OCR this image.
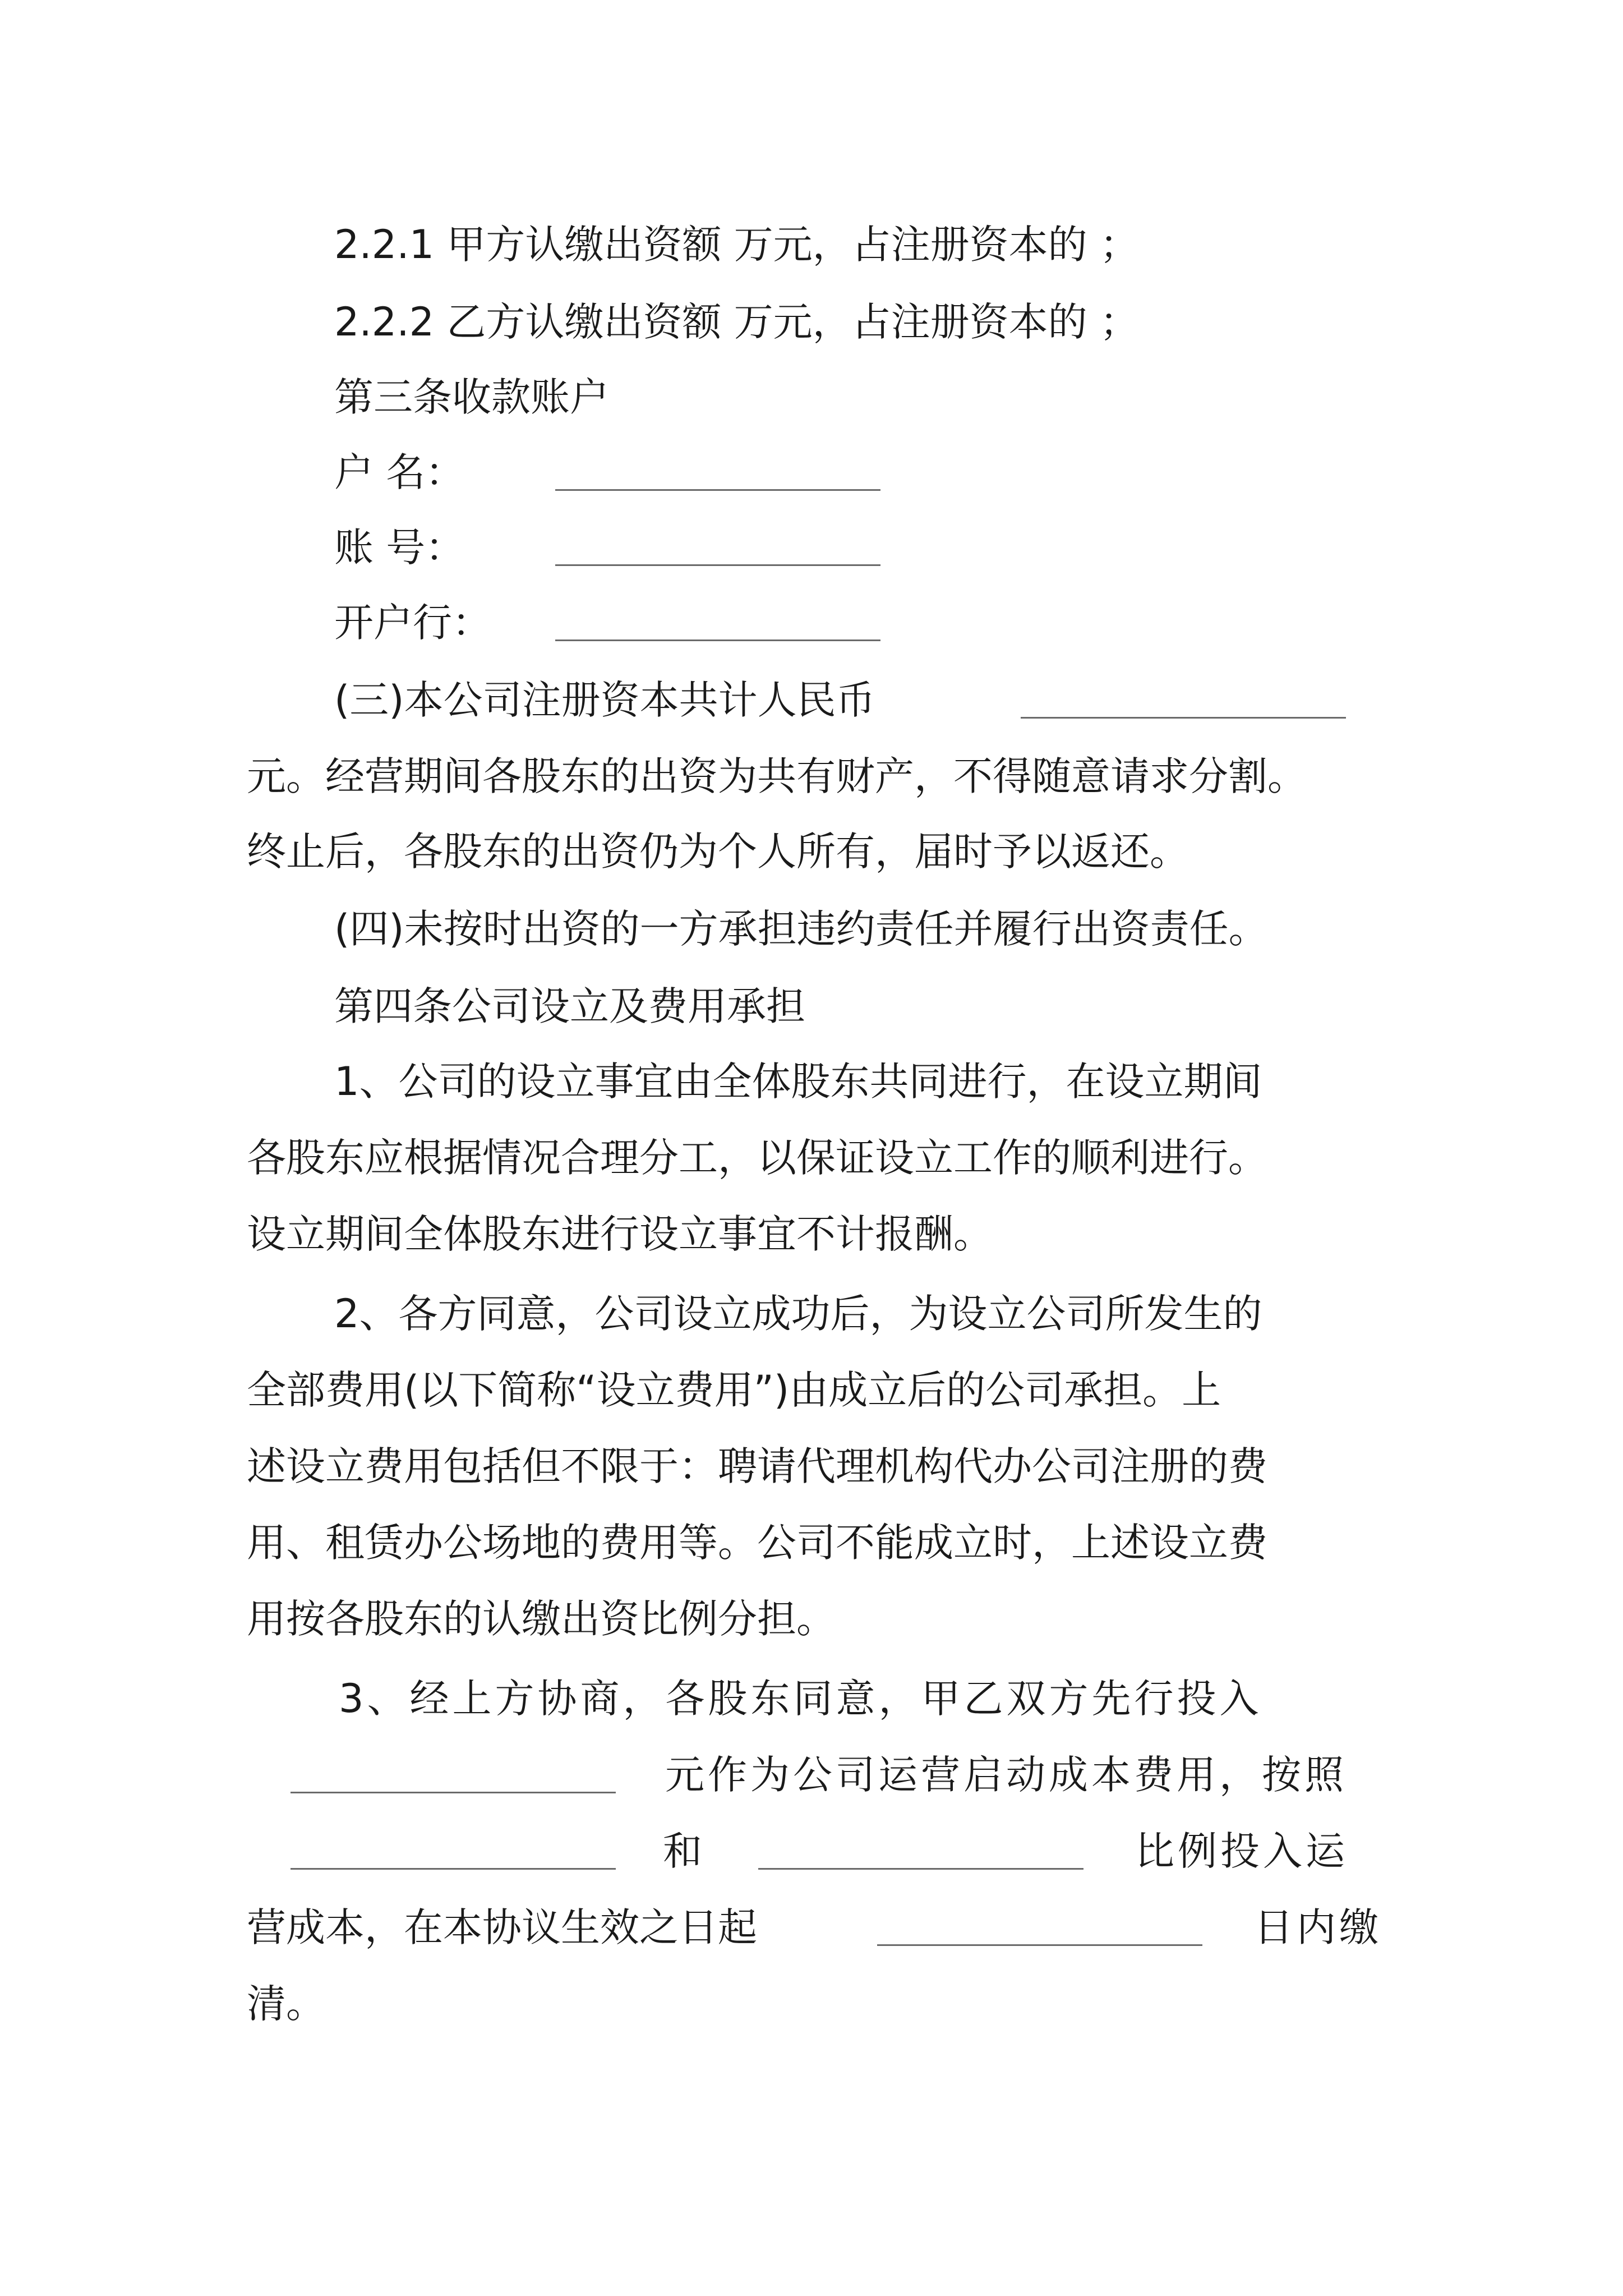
2.2.1 甲方认缴出资额 万元，占注册资本的 ；
2.2.2 乙方认缴出资额 万元，占注册资本的 ；
第三条收款账户
户 名：
账 号：
开户行：
(三)本公司注册资本共计人民币
元。经营期间各股东的出资为共有财产，不得随意请求分割。
终止后，各股东的出资仍为个人所有，届时予以返还。
(四)未按时出资的一方承担违约责任并履行出资责任。
第四条公司设立及费用承担
1、公司的设立事宜由全体股东共同进行，在设立期间
各股东应根据情况合理分工，以保证设立工作的顺利进行。
设立期间全体股东进行设立事宜不计报酬。
2、各方同意，公司设立成功后，为设立公司所发生的
全部费用(以下简称“设立费用”)由成立后的公司承担。上
述设立费用包括但不限于：聘请代理机构代办公司注册的费
用、租赁办公场地的费用等。公司不能成立时，上述设立费
用按各股东的认缴出资比例分担。
3、经上方协商，各股东同意，甲乙双方先行投入
元作为公司运营启动成本费用，按照
和	比例投入运
营成本，在本协议生效之日起	日内缴
清。
